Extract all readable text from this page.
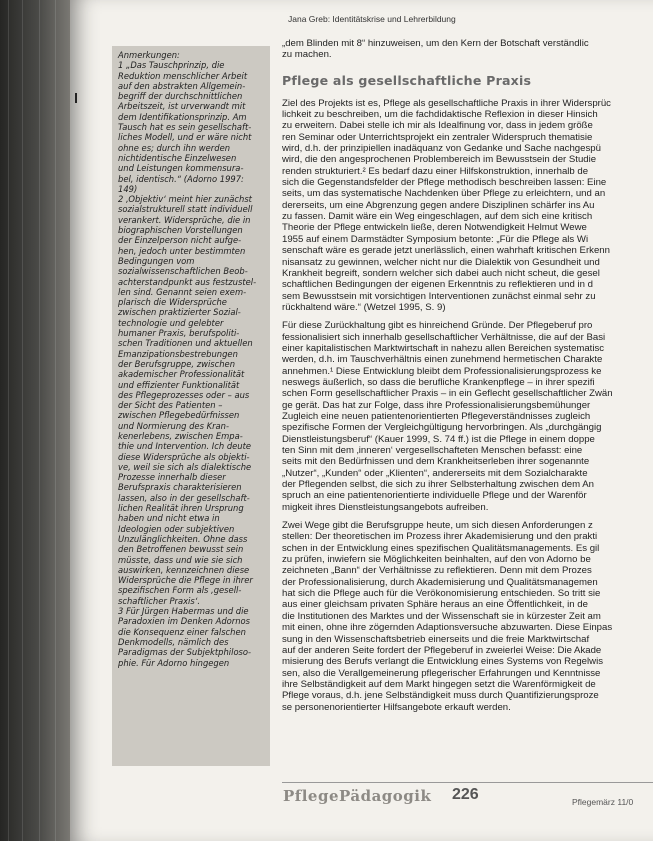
Jana Greb: Identitätskrise und Lehrerbildung

Anmerkungen:

1 „Das Tauschprinzip, die

Reduktion menschlicher Arbeit

auf den abstrakten Allgemein-

begriff der durchschnittlichen

Arbeitszeit, ist urverwandt mit

dem Identifikationsprinzip. Am

Tausch hat es sein gesellschaft-

liches Modell, und er wäre nicht

ohne es; durch ihn werden

nichtidentische Einzelwesen

und Leistungen kommensura-

bel, identisch.“ (Adorno 1997:

149)

2 ‚Objektiv‘ meint hier zunächst

sozialstrukturell statt individuell

verankert. Widersprüche, die in

biographischen Vorstellungen

der Einzelperson nicht aufge-

hen, jedoch unter bestimmten

Bedingungen vom

sozialwissenschaftlichen Beob-

achterstandpunkt aus festzustel-

len sind. Genannt seien exem-

plarisch die Widersprüche

zwischen praktizierter Sozial-

technologie und gelebter

humaner Praxis, berufspoliti-

schen Traditionen und aktuellen

Emanzipationsbestrebungen

der Berufsgruppe, zwischen

akademischer Professionalität

und effizienter Funktionalität

des Pflegeprozesses oder – aus

der Sicht des Patienten –

zwischen Pflegebedürfnissen

und Normierung des Kran-

kenerlebens, zwischen Empa-

thie und Intervention. Ich deute

diese Widersprüche als objekti-

ve, weil sie sich als dialektische

Prozesse innerhalb dieser

Berufspraxis charakterisieren

lassen, also in der gesellschaft-

lichen Realität ihren Ursprung

haben und nicht etwa in

Ideologien oder subjektiven

Unzulänglichkeiten. Ohne dass

den Betroffenen bewusst sein

müsste, dass und wie sie sich

auswirken, kennzeichnen diese

Widersprüche die Pflege in ihrer

spezifischen Form als ‚gesell-

schaftlicher Praxis‘.

3 Für Jürgen Habermas und die

Paradoxien im Denken Adornos

die Konsequenz einer falschen

Denkmodells, nämlich des

Paradigmas der Subjektphiloso-

phie. Für Adorno hingegen

„dem Blinden mit 8“ hinzuweisen, um den Kern der Botschaft verständlic

zu machen.

Pflege als gesellschaftliche Praxis

Ziel des Projekts ist es, Pflege als gesellschaftliche Praxis in ihrer Widersprüc

lichkeit zu beschreiben, um die fachdidaktische Reflexion in dieser Hinsich

zu erweitern. Dabei stelle ich mir als Idealfinung vor, dass in jedem größe

ren Seminar oder Unterrichtsprojekt ein zentraler Widerspruch thematisie

wird, d.h. der prinzipiellen inadäquanz von Gedanke und Sache nachgespü

wird, die den angesprochenen Problembereich im Bewusstsein der Studie

renden strukturiert.² Es bedarf dazu einer Hilfskonstruktion, innerhalb de

sich die Gegenstandsfelder der Pflege methodisch beschreiben lassen: Eine

seits, um das systematische Nachdenken über Pflege zu erleichtern, und an

dererseits, um eine Abgrenzung gegen andere Disziplinen schärfer ins Au

zu fassen. Damit wäre ein Weg eingeschlagen, auf dem sich eine kritisch

Theorie der Pflege entwickeln ließe, deren Notwendigkeit Helmut Wewe

1955 auf einem Darmstädter Symposium betonte: „Für die Pflege als Wi

senschaft wäre es gerade jetzt unerlässlich, einen wahrhaft kritischen Erkenn

nisansatz zu gewinnen, welcher nicht nur die Dialektik von Gesundheit und

Krankheit begreift, sondern welcher sich dabei auch nicht scheut, die gesel

schaftlichen Bedingungen der eigenen Erkenntnis zu reflektieren und in d

sem Bewusstsein mit vorsichtigen Interventionen zunächst einmal sehr zu

rückhaltend wäre.“ (Wetzel 1995, S. 9)

Für diese Zurückhaltung gibt es hinreichend Gründe. Der Pflegeberuf pro

fessionalisiert sich innerhalb gesellschaftlicher Verhältnisse, die auf der Basi

einer kapitalistischen Marktwirtschaft in nahezu allen Bereichen systematisc

werden, d.h. im Tauschverhältnis einen zunehmend hermetischen Charakte

annehmen.¹ Diese Entwicklung bleibt dem Professionalisierungsprozess ke

neswegs äußerlich, so dass die berufliche Krankenpflege – in ihrer spezifi

schen Form gesellschaftlicher Praxis – in ein Geflecht gesellschaftlicher Zwän

ge gerät. Das hat zur Folge, dass ihre Professionalisierungsbemühunger

Zugleich eine neuen patientenorientierten Pflegeverständnisses zugleich

spezifische Formen der Vergleichgültigung hervorbringen. Als „durchgängig

Dienstleistungsberuf“ (Kauer 1999, S. 74 ff.) ist die Pflege in einem doppe

ten Sinn mit dem ‚inneren‘ vergesellschafteten Menschen befasst: eine

seits mit den Bedürfnissen und dem Krankheitserleben ihrer sogenannte

„Nutzer“, „Kunden“ oder „Klienten“, andererseits mit dem Sozialcharakte

der Pflegenden selbst, die sich zu ihrer Selbsterhaltung zwischen dem An

spruch an eine patientenorientierte individuelle Pflege und der Warenför

migkeit ihres Dienstleistungsangebots aufreiben.

Zwei Wege gibt die Berufsgruppe heute, um sich diesen Anforderungen z

stellen: Der theoretischen im Prozess ihrer Akademisierung und den prakti

schen in der Entwicklung eines spezifischen Qualitätsmanagements. Es gil

zu prüfen, inwiefern sie Möglichkeiten beinhalten, auf den von Adorno be

zeichneten „Bann“ der Verhältnisse zu reflektieren. Denn mit dem Prozes

der Professionalisierung, durch Akademisierung und Qualitätsmanagemen

hat sich die Pflege auch für die Verökonomisierung entschieden. So tritt sie

aus einer gleichsam privaten Sphäre heraus an eine Öffentlichkeit, in de

die Institutionen des Marktes und der Wissenschaft sie in kürzester Zeit am

mit einen, ohne ihre zögernden Adaptionsversuche abzuwarten. Diese Einpas

sung in den Wissenschaftsbetrieb einerseits und die freie Marktwirtschaf

auf der anderen Seite fordert der Pflegeberuf in zweierlei Weise: Die Akade

misierung des Berufs verlangt die Entwicklung eines Systems von Regelwis

sen, also die Verallgemeinerung pflegerischer Erfahrungen und Kenntnisse

ihre Selbständigkeit auf dem Markt hingegen setzt die Warenförmigkeit de

Pflege voraus, d.h. jene Selbständigkeit muss durch Quantifizierungsproze

se personenorientierter Hilfsangebote erkauft werden.

PflegePädagogik 226	Pflegemärz 11/0
